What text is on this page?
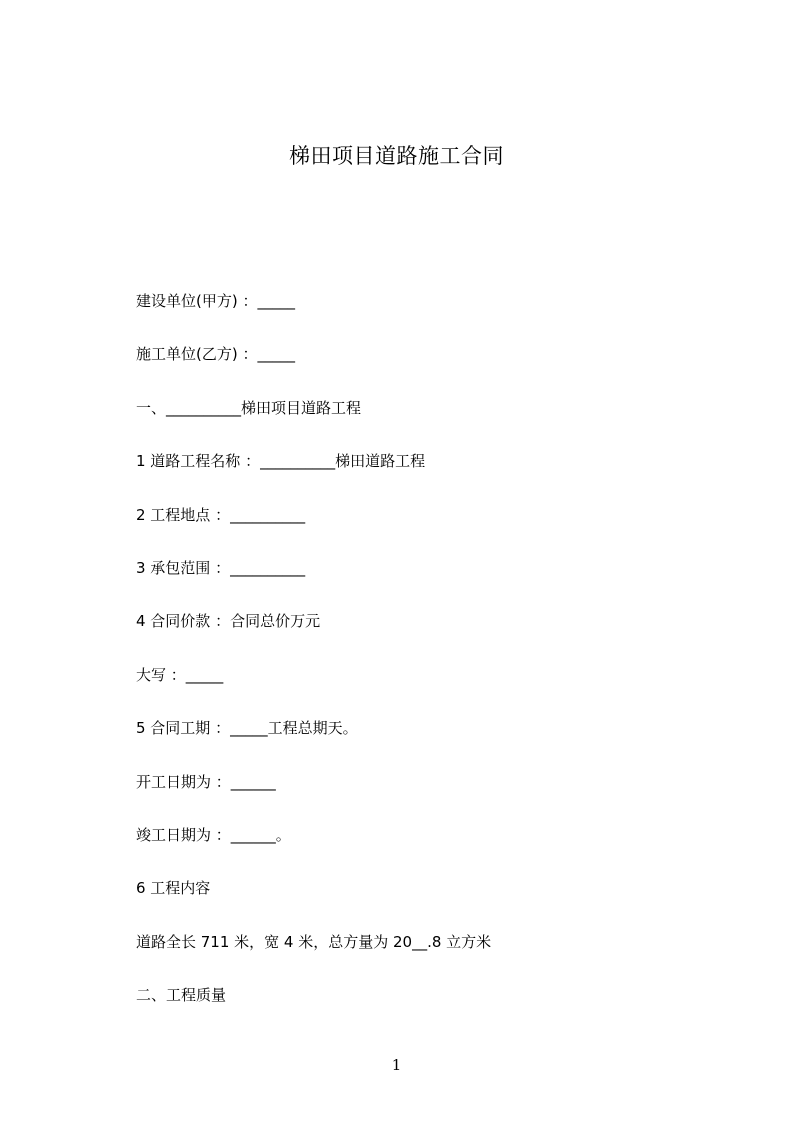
梯田项目道路施工合同
建设单位(甲方) ：_____
施工单位(乙方) ：_____
一、__________梯田项目道路工程
1 道路工程名称 ：__________梯田道路工程
2 工程地点 ：__________
3 承包范围 ：__________
4 合同价款 ：合同总价万元
大写 ：_____
5 合同工期 ：_____工程总期天。
开工日期为 ：______
竣工日期为 ：______。
6 工程内容
道路全长 711 米，宽 4 米，总方量为 20__.8 立方米
二、工程质量
1
